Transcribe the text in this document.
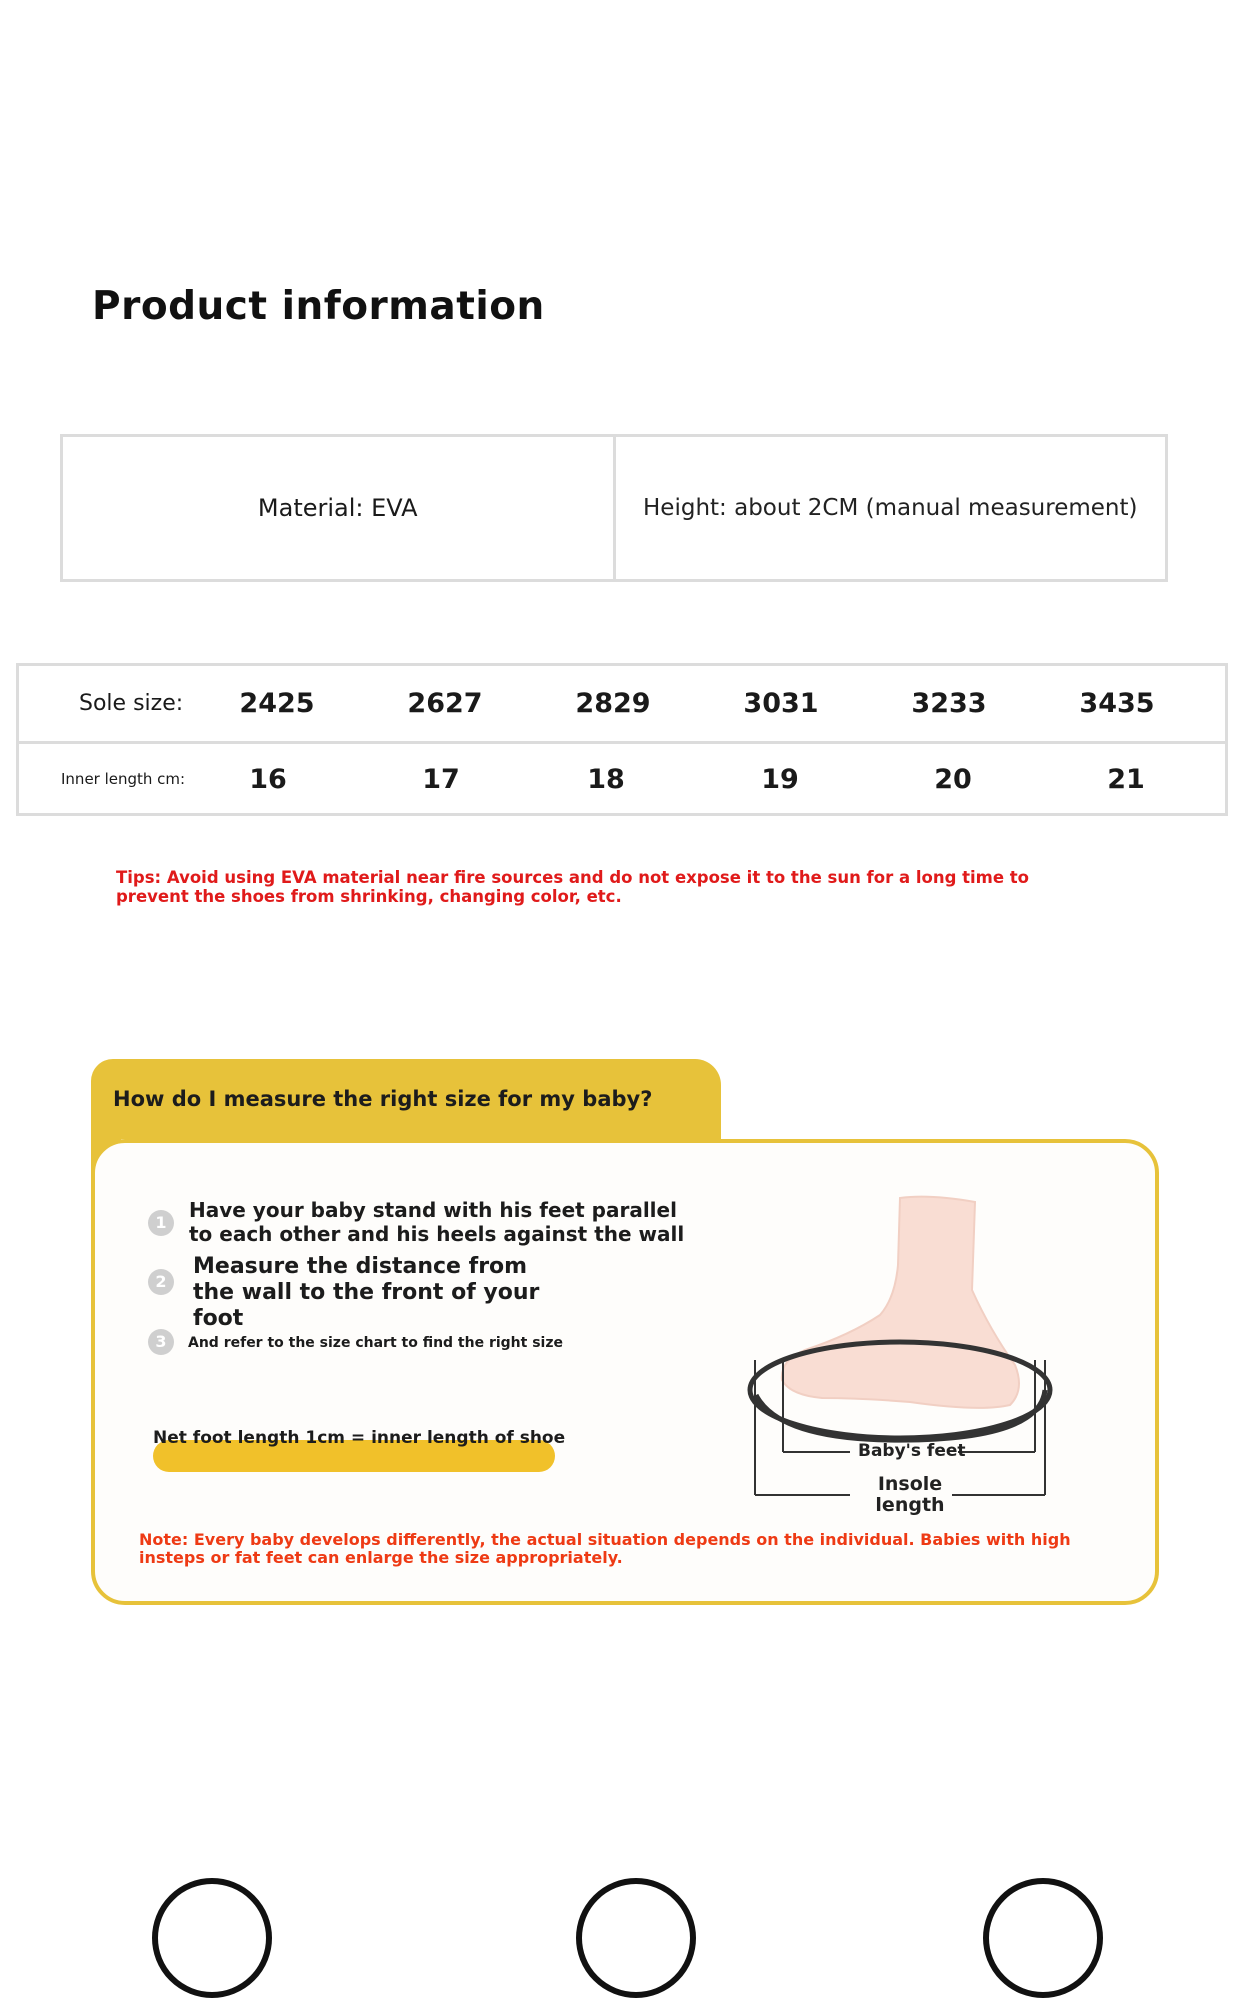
Product information
Material: EVA	Height: about 2CM (manual measurement)
Sole size:	2425	2627	2829	3031	3233	3435
Inner length cm:	16	17	18	19	20	21
Tips: Avoid using EVA material near fire sources and do not expose it to the sun for a long time to prevent the shoes from shrinking, changing color, etc.
How do I measure the right size for my baby?
1
Have your baby stand with his feet parallel to each other and his heels against the wall
2
Measure the distance from the wall to the front of your foot
3	And refer to the size chart to find the right size
Net foot length 1cm = inner length of shoe
Baby's feet
Insole length
Note: Every baby develops differently, the actual situation depends on the individual. Babies with high insteps or fat feet can enlarge the size appropriately.
